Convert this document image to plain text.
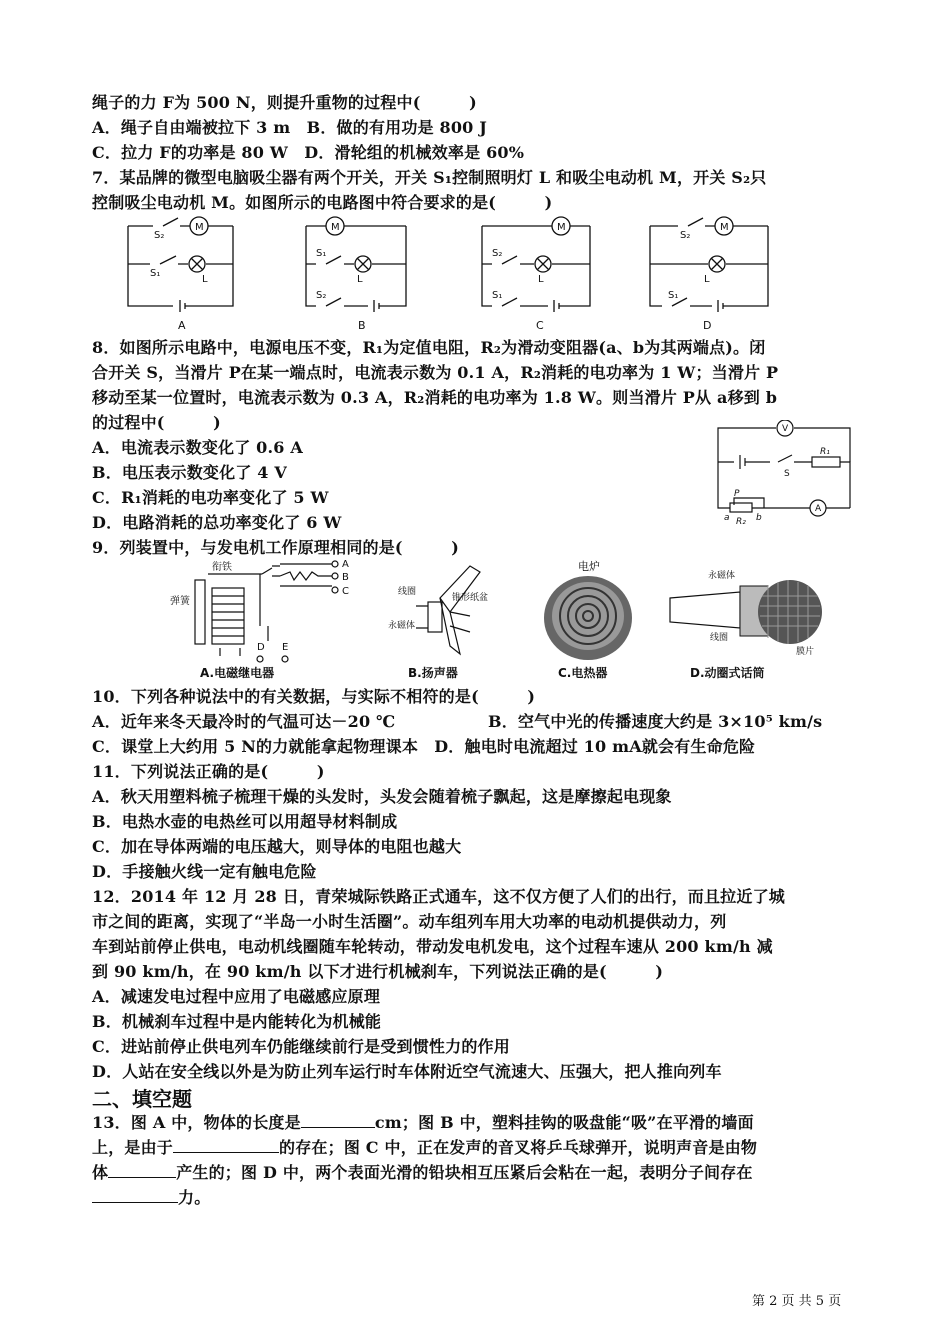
绳子的力 F为 500 N，则提升重物的过程中(　　　)
A．绳子自由端被拉下 3 m　B．做的有用功是 800 J
C．拉力 F的功率是 80 W　D．滑轮组的机械效率是 60%
7．某品牌的微型电脑吸尘器有两个开关，开关 S₁控制照明灯 L 和吸尘电动机 M，开关 S₂只
控制吸尘电动机 M。如图所示的电路图中符合要求的是(　　　)
M
S₂
S₁
L
M
S₁
S₂
L
M
S₂
S₁
L
M
S₂
S₁
L
A	B	C	D
8．如图所示电路中，电源电压不变，R₁为定值电阻，R₂为滑动变阻器(a、b为其两端点)。闭
合开关 S，当滑片 P在某一端点时，电流表示数为 0.1 A，R₂消耗的电功率为 1 W；当滑片 P
移动至某一位置时，电流表示数为 0.3 A，R₂消耗的电功率为 1.8 W。则当滑片 P从 a移到 b
的过程中(　　　)
A．电流表示数变化了 0.6 A
B．电压表示数变化了 4 V
C．R₁消耗的电功率变化了 5 W
D．电路消耗的总功率变化了 6 W
V
A
R₁
S
P
a R₂ b
9．列装置中，与发电机工作原理相同的是(　　　)
衔铁
弹簧
A
B
C
D E
A.电磁继电器
线圈
锥形纸盆
永磁体
B.扬声器
电炉
C.电热器
永磁体
线圈
膜片
D.动圈式话筒
10．下列各种说法中的有关数据，与实际不相符的是(　　　)
A．近年来冬天最冷时的气温可达－20 ℃	B．空气中光的传播速度大约是 3×10⁵ km/s
C．课堂上大约用 5 N的力就能拿起物理课本　D．触电时电流超过 10 mA就会有生命危险
11．下列说法正确的是(　　　)
A．秋天用塑料梳子梳理干燥的头发时，头发会随着梳子飘起，这是摩擦起电现象
B．电热水壶的电热丝可以用超导材料制成
C．加在导体两端的电压越大，则导体的电阻也越大
D．手接触火线一定有触电危险
12．2014 年 12 月 28 日，青荣城际铁路正式通车，这不仅方便了人们的出行，而且拉近了城
市之间的距离，实现了“半岛一小时生活圈”。动车组列车用大功率的电动机提供动力，列
车到站前停止供电，电动机线圈随车轮转动，带动发电机发电，这个过程车速从 200 km/h 减
到 90 km/h，在 90 km/h 以下才进行机械刹车，下列说法正确的是(　　　)
A．减速发电过程中应用了电磁感应原理
B．机械刹车过程中是内能转化为机械能
C．进站前停止供电列车仍能继续前行是受到惯性力的作用
D．人站在安全线以外是为防止列车运行时车体附近空气流速大、压强大，把人推向列车
二、填空题
13．图 A 中，物体的长度是	cm；图 B 中，塑料挂钩的吸盘能“吸”在平滑的墙面
上，是由于	的存在；图 C 中，正在发声的音叉将乒乓球弹开，说明声音是由物
体	产生的；图 D 中，两个表面光滑的铅块相互压紧后会粘在一起，表明分子间存在
力。
第 2 页 共 5 页
